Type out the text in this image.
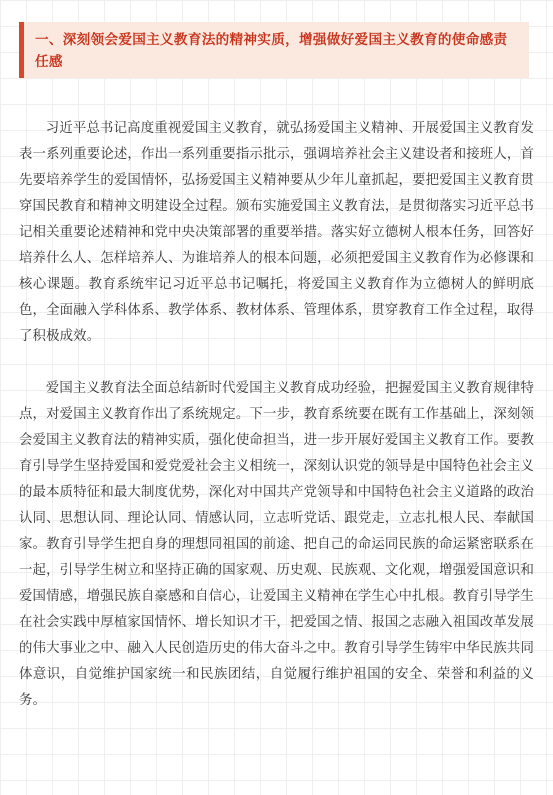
一、深刻领会爱国主义教育法的精神实质，增强做好爱国主义教育的使命感责任感

习近平总书记高度重视爱国主义教育，就弘扬爱国主义精神、开展爱国主义教育发表一系列重要论述，作出一系列重要指示批示，强调培养社会主义建设者和接班人，首先要培养学生的爱国情怀，弘扬爱国主义精神要从少年儿童抓起，要把爱国主义教育贯穿国民教育和精神文明建设全过程。颁布实施爱国主义教育法，是贯彻落实习近平总书记相关重要论述精神和党中央决策部署的重要举措。落实好立德树人根本任务，回答好培养什么人、怎样培养人、为谁培养人的根本问题，必须把爱国主义教育作为必修课和核心课题。教育系统牢记习近平总书记嘱托，将爱国主义教育作为立德树人的鲜明底色，全面融入学科体系、教学体系、教材体系、管理体系，贯穿教育工作全过程，取得了积极成效。

爱国主义教育法全面总结新时代爱国主义教育成功经验，把握爱国主义教育规律特点，对爱国主义教育作出了系统规定。下一步，教育系统要在既有工作基础上，深刻领会爱国主义教育法的精神实质，强化使命担当，进一步开展好爱国主义教育工作。要教育引导学生坚持爱国和爱党爱社会主义相统一，深刻认识党的领导是中国特色社会主义的最本质特征和最大制度优势，深化对中国共产党领导和中国特色社会主义道路的政治认同、思想认同、理论认同、情感认同，立志听党话、跟党走，立志扎根人民、奉献国家。教育引导学生把自身的理想同祖国的前途、把自己的命运同民族的命运紧密联系在一起，引导学生树立和坚持正确的国家观、历史观、民族观、文化观，增强爱国意识和爱国情感，增强民族自豪感和自信心，让爱国主义精神在学生心中扎根。教育引导学生在社会实践中厚植家国情怀、增长知识才干，把爱国之情、报国之志融入祖国改革发展的伟大事业之中、融入人民创造历史的伟大奋斗之中。教育引导学生铸牢中华民族共同体意识，自觉维护国家统一和民族团结，自觉履行维护祖国的安全、荣誉和利益的义务。
